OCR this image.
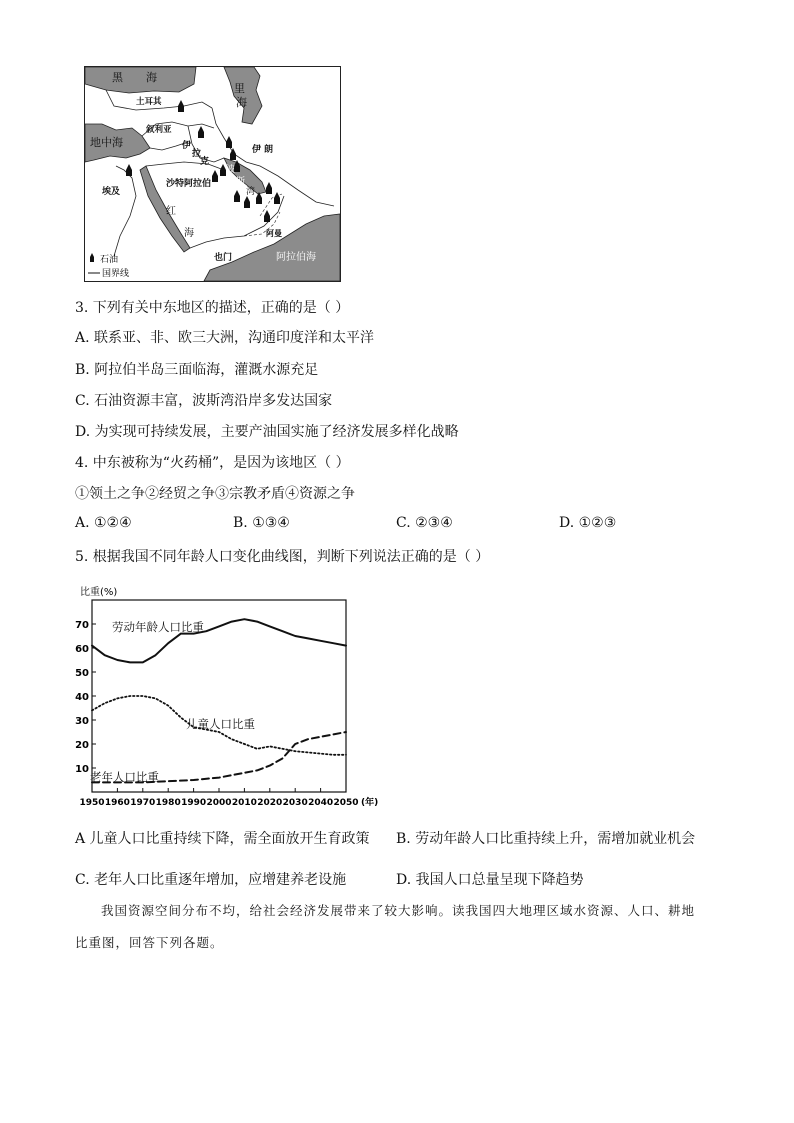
黑 海
里
海
土耳其
地中海
叙利亚
伊
拉
克
伊 朗
波
斯
湾
沙特阿拉伯
埃及
红
海	阿曼
也门	阿拉伯海
石油
国界线
3. 下列有关中东地区的描述，正确的是（ ）
A. 联系亚、非、欧三大洲，沟通印度洋和太平洋
B. 阿拉伯半岛三面临海，灌溉水源充足
C. 石油资源丰富，波斯湾沿岸多发达国家
D. 为实现可持续发展，主要产油国实施了经济发展多样化战略
4. 中东被称为“火药桶”，是因为该地区（ ）
①领土之争②经贸之争③宗教矛盾④资源之争
A. ①②④	B. ①③④	C. ②③④	D. ①②③
5. 根据我国不同年龄人口变化曲线图，判断下列说法正确的是（ ）
比重(%)
(年)
10
20
30
40
50
60
70
1950 1960 1970 1980 1990 2000 2010 2020 2030 2040 2050
劳动年龄人口比重
儿童人口比重
老年人口比重
A 儿童人口比重持续下降，需全面放开生育政策 B. 劳动年龄人口比重持续上升，需增加就业机会
C. 老年人口比重逐年增加，应增建养老设施	D. 我国人口总量呈现下降趋势
我国资源空间分布不均，给社会经济发展带来了较大影响。读我国四大地理区域水资源、人口、耕地
比重图，回答下列各题。
